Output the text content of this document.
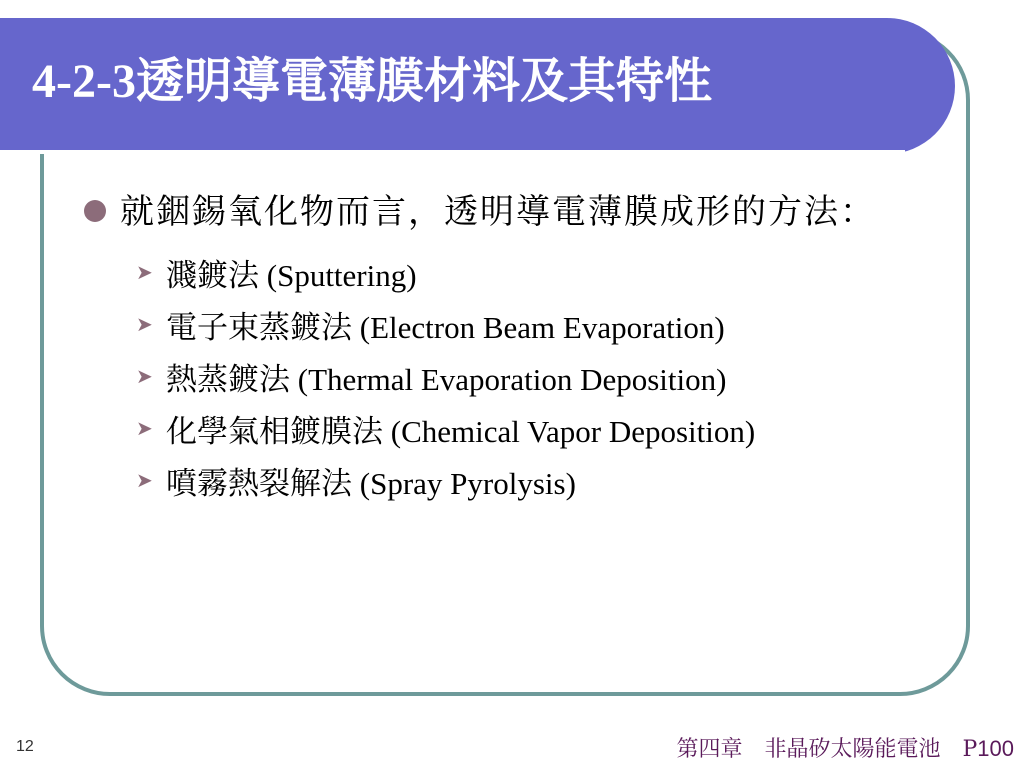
4-2-3透明導電薄膜材料及其特性
就銦錫氧化物而言，透明導電薄膜成形的方法：
➤ 濺鍍法 (Sputtering)
➤ 電子束蒸鍍法 (Electron Beam Evaporation)
➤ 熱蒸鍍法 (Thermal Evaporation Deposition)
➤ 化學氣相鍍膜法 (Chemical Vapor Deposition)
➤ 噴霧熱裂解法 (Spray Pyrolysis)
12	第四章　非晶矽太陽能電池　P100
